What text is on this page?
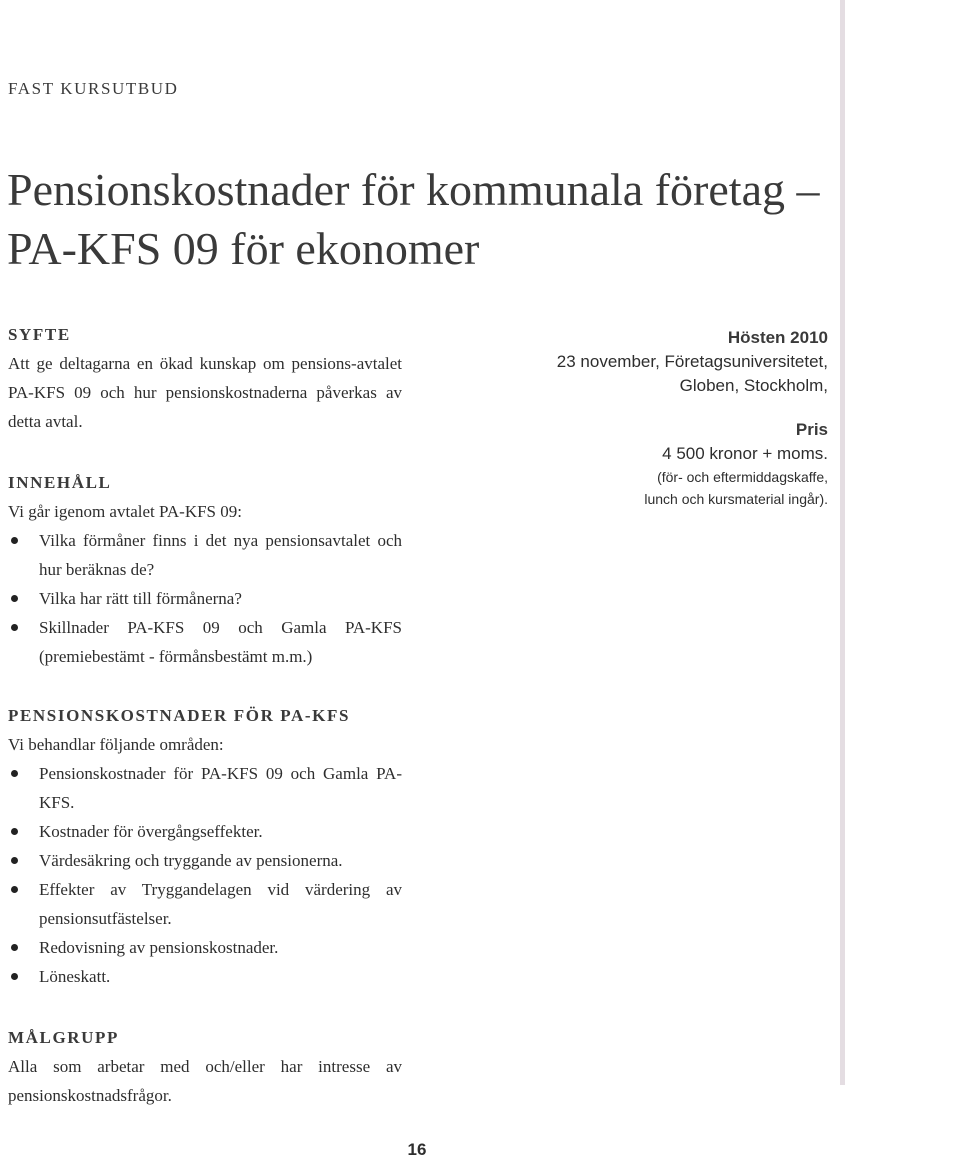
FAST KURSUTBUD
Pensionskostnader för kommunala företag – PA-KFS 09 för ekonomer
SYFTE

Att ge deltagarna en ökad kunskap om pensions-avtalet PA-KFS 09 och hur pensionskostnaderna påverkas av detta avtal.

INNEHÅLL

Vi går igenom avtalet PA-KFS 09:

Vilka förmåner finns i det nya pensionsavtalet och hur beräknas de?
Vilka har rätt till förmånerna?
Skillnader PA-KFS 09 och Gamla PA-KFS (premiebestämt - förmånsbestämt m.m.)
PENSIONSKOSTNADER FÖR PA-KFS

Vi behandlar följande områden:

Pensionskostnader för PA-KFS 09 och Gamla PA-KFS.
Kostnader för övergångseffekter.
Värdesäkring och tryggande av pensionerna.
Effekter av Tryggandelagen vid värdering av pensionsutfästelser.
Redovisning av pensionskostnader.
Löneskatt.
MÅLGRUPP

Alla som arbetar med och/eller har intresse av pensionskostnadsfrågor.

Hösten 2010
23 november, Företagsuniversitetet,
Globen, Stockholm,
Pris
4 500 kronor + moms.
(för- och eftermiddagskaffe,
lunch och kursmaterial ingår).
16
